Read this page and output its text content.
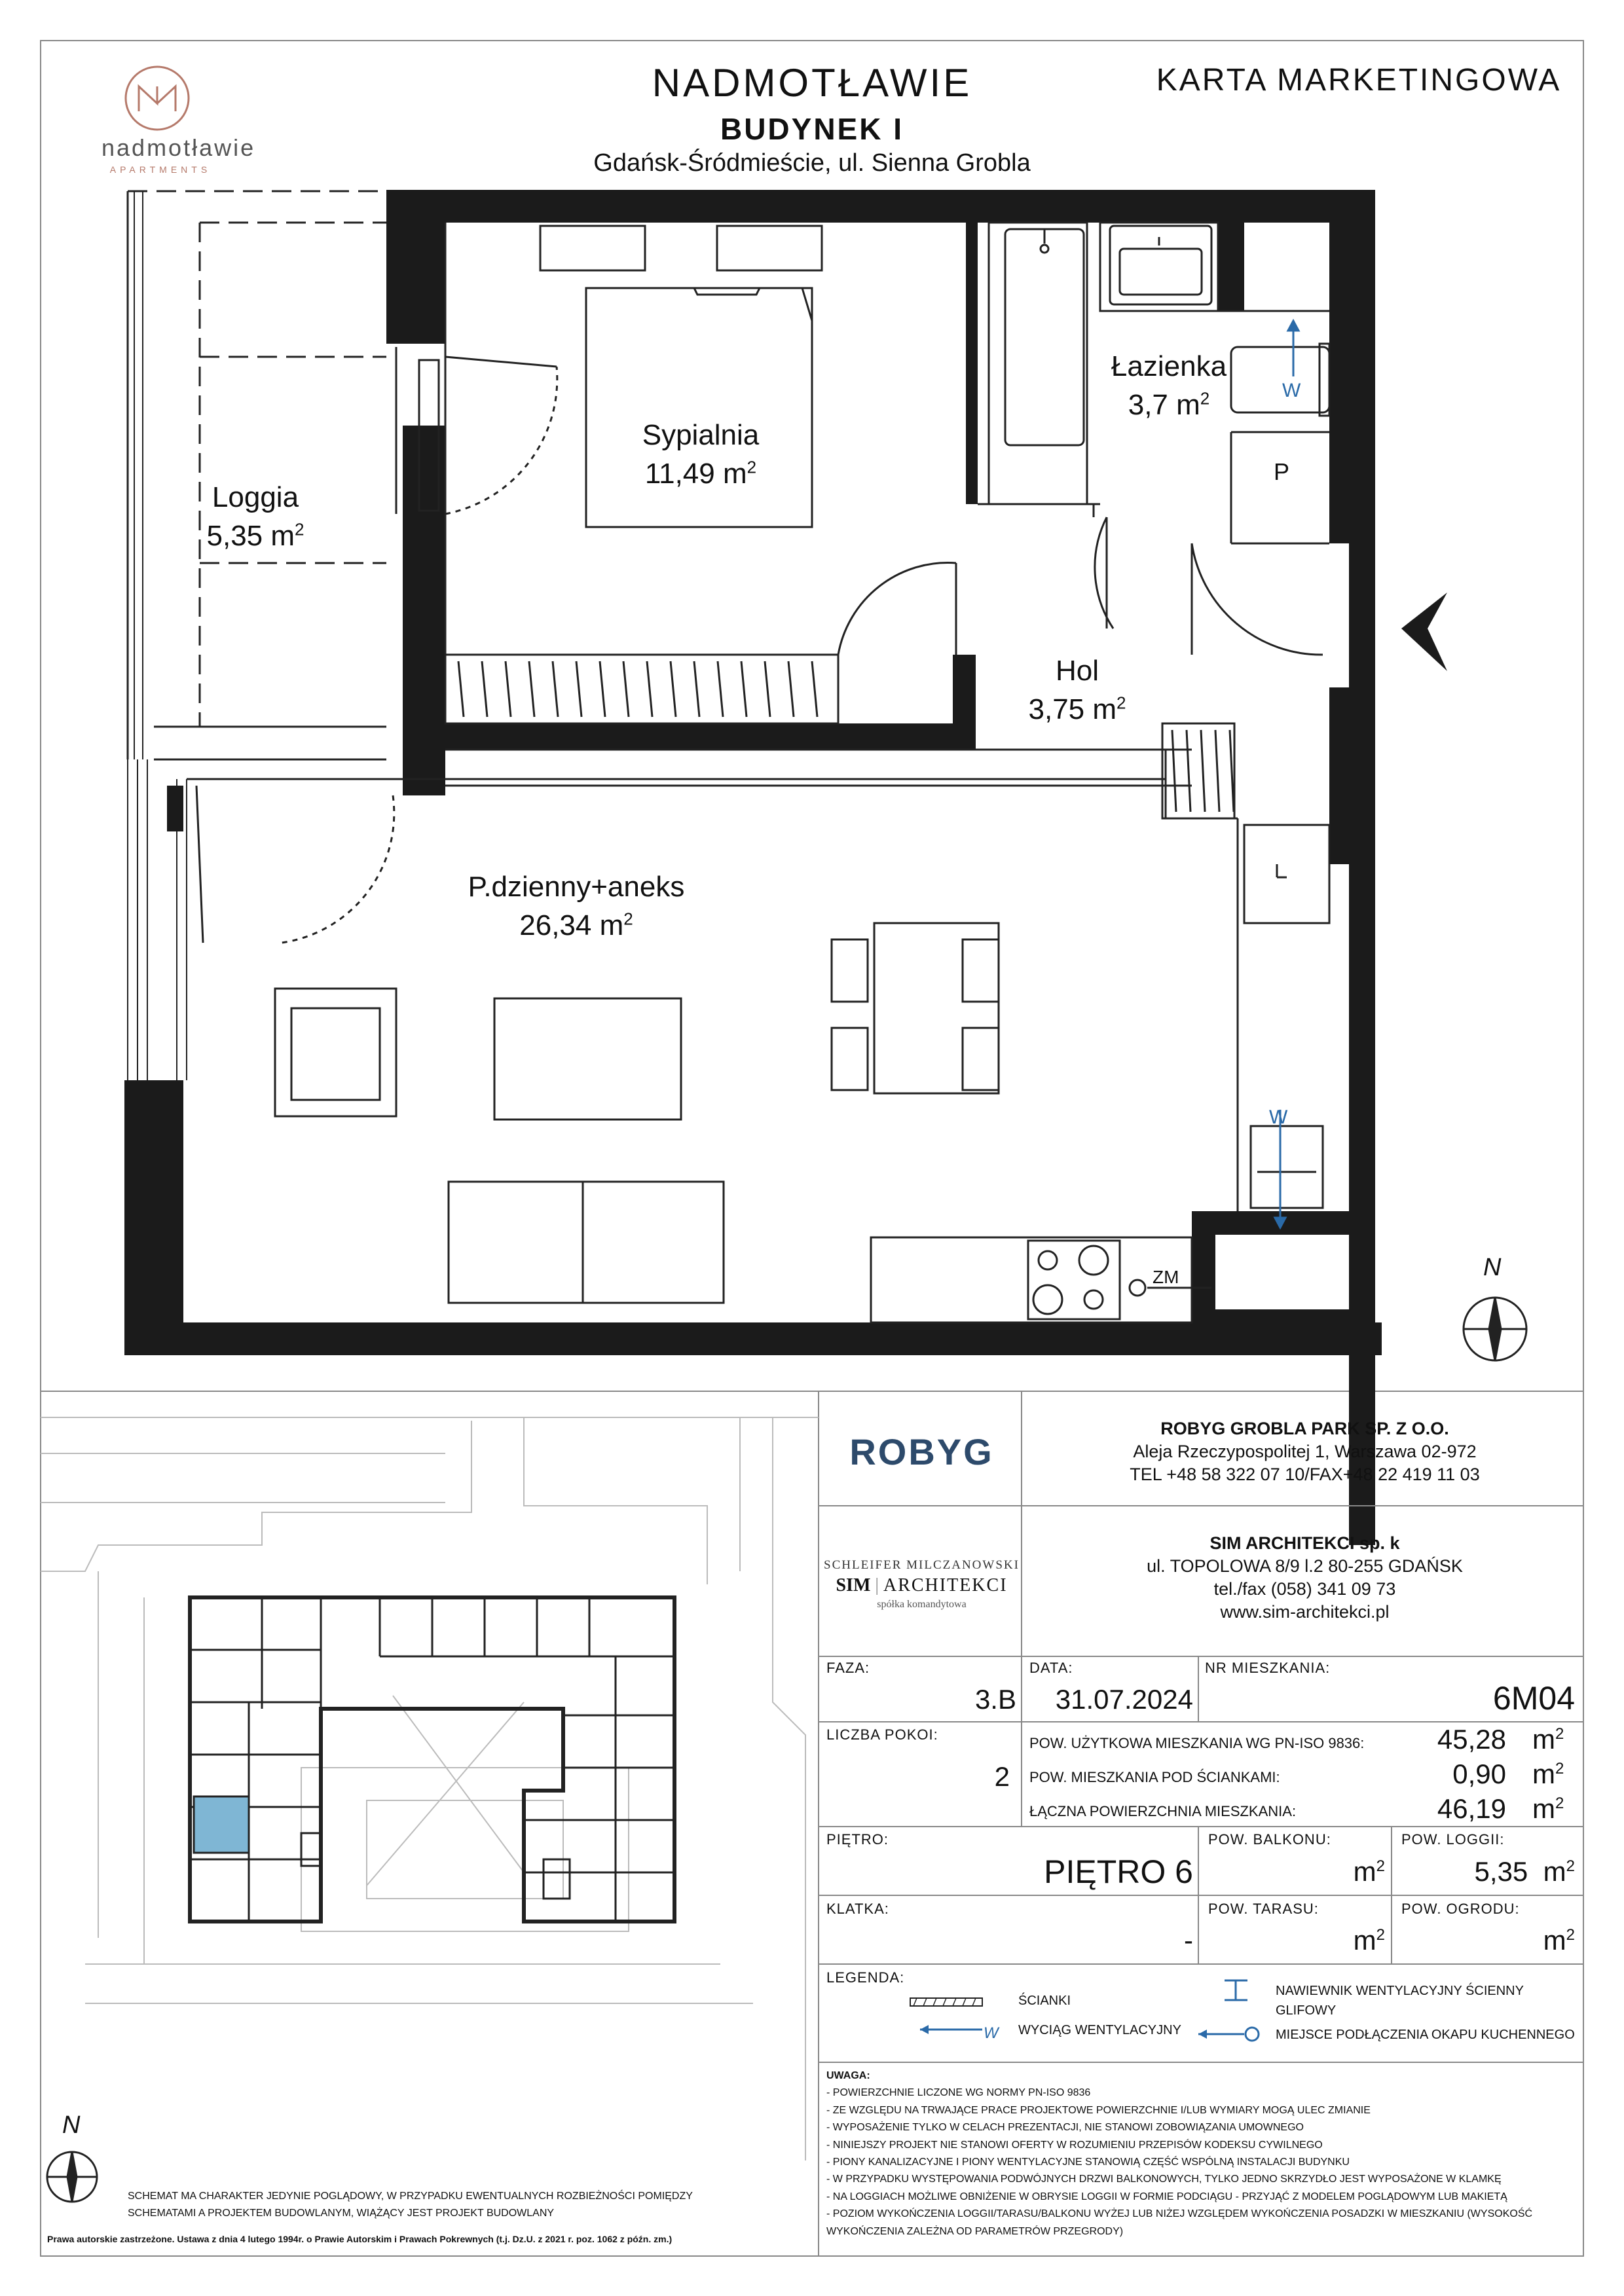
nadmotławie
APARTMENTS
NADMOTŁAWIE
BUDYNEK I
Gdańsk-Śródmieście, ul. Sienna Grobla
KARTA MARKETINGOWA
Loggia
5,35 $m^2$
Sypialnia
11,49 $m^2$
Łazienka
3,7 $m^2$
Hol
3,75 $m^2$
P.dzienny+aneks
26,34 $m^2$
W
W
P
ZM	N
N
ROBYG
ROBYG GROBLA PARK SP. Z O.O.
Aleja Rzeczypospolitej 1, Warszawa 02-972
TEL +48 58 322 07 10/FAX+48 22 419 11 03
SCHLEIFER MILCZANOWSKI
SIM | ARCHITEKCI
spółka komandytowa
SIM ARCHITEKCI sp. k
ul. TOPOLOWA 8/9 l.2 80-255 GDAŃSK
tel./fax (058) 341 09 73
www.sim-architekci.pl
FAZA:
3.B
DATA:
31.07.2024
NR MIESZKANIA:
6M04
LICZBA POKOI:
2
POW. UŻYTKOWA MIESZKANIA WG PN-ISO 9836:
POW. MIESZKANIA POD ŚCIANKAMI:
ŁĄCZNA POWIERZCHNIA MIESZKANIA:
45,28
0,90
46,19
$m^2$
$m^2$
$m^2$
PIĘTRO:
PIĘTRO 6
POW. BALKONU:
$m^2$
POW. LOGGII:
5,35 $m^2$
KLATKA:
-
POW. TARASU:
$m^2$
POW. OGRODU:
$m^2$
LEGENDA:
ŚCIANKI
WYCIĄG WENTYLACYJNY
W
NAWIEWNIK WENTYLACYJNY ŚCIENNY
GLIFOWY
MIEJSCE PODŁĄCZENIA OKAPU KUCHENNEGO
UWAGA:
- POWIERZCHNIE LICZONE WG NORMY PN-ISO 9836
- ZE WZGLĘDU NA TRWAJĄCE PRACE PROJEKTOWE POWIERZCHNIE I/LUB WYMIARY MOGĄ ULEC ZMIANIE
- WYPOSAŻENIE TYLKO W CELACH PREZENTACJI, NIE STANOWI ZOBOWIĄZANIA UMOWNEGO
- NINIEJSZY PROJEKT NIE STANOWI OFERTY W ROZUMIENIU PRZEPISÓW KODEKSU CYWILNEGO
- PIONY KANALIZACYJNE I PIONY WENTYLACYJNE STANOWIĄ CZĘŚĆ WSPÓLNĄ INSTALACJI BUDYNKU
- W PRZYPADKU WYSTĘPOWANIA PODWÓJNYCH DRZWI BALKONOWYCH, TYLKO JEDNO SKRZYDŁO JEST WYPOSAŻONE W KLAMKĘ
- NA LOGGIACH MOŻLIWE OBNIŻENIE W OBRYSIE LOGGII W FORMIE PODCIĄGU - PRZYJĄĆ Z MODELEM POGLĄDOWYM LUB MAKIETĄ
- POZIOM WYKOŃCZENIA LOGGII/TARASU/BALKONU WYŻEJ LUB NIŻEJ WZGLĘDEM WYKOŃCZENIA POSADZKI W MIESZKANIU (WYSOKOŚĆ
WYKOŃCZENIA ZALEŻNA OD PARAMETRÓW PRZEGRODY)
SCHEMAT MA CHARAKTER JEDYNIE POGLĄDOWY, W PRZYPADKU EWENTUALNYCH ROZBIEŻNOŚCI POMIĘDZY
SCHEMATAMI A PROJEKTEM BUDOWLANYM, WIĄŻĄCY JEST PROJEKT BUDOWLANY
Prawa autorskie zastrzeżone. Ustawa z dnia 4 lutego 1994r. o Prawie Autorskim i Prawach Pokrewnych (t.j. Dz.U. z 2021 r. poz. 1062 z późn. zm.)
